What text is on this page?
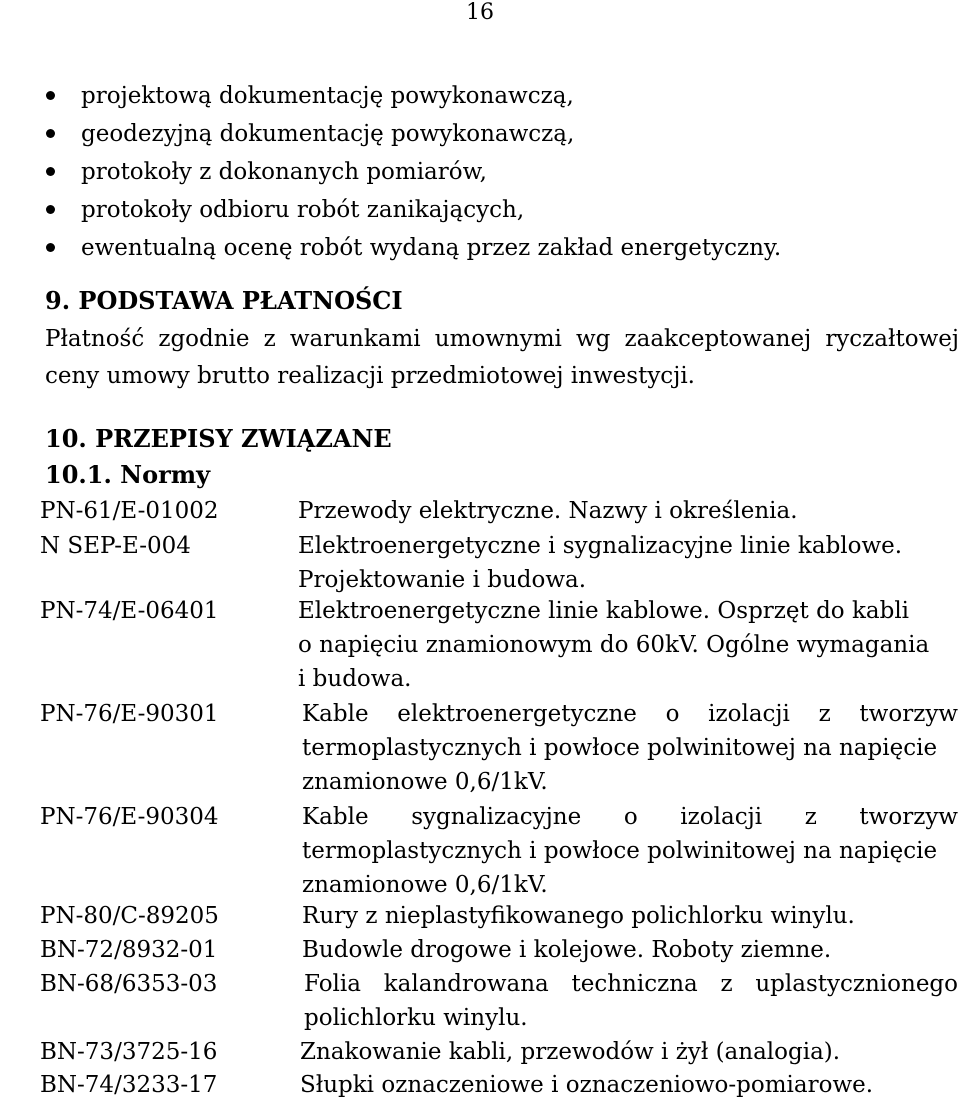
16
projektową dokumentację powykonawczą,
geodezyjną dokumentację powykonawczą,
protokoły z dokonanych pomiarów,
protokoły odbioru robót zanikających,
ewentualną ocenę robót wydaną przez zakład energetyczny.
9. PODSTAWA PŁATNOŚCI
Płatność zgodnie z warunkami umownymi wg zaakceptowanej ryczałtowej
ceny umowy brutto realizacji przedmiotowej inwestycji.
10. PRZEPISY ZWIĄZANE
10.1. Normy
PN-61/E-01002	Przewody elektryczne. Nazwy i określenia.
N SEP-E-004	Elektroenergetyczne i sygnalizacyjne linie kablowe.
Projektowanie i budowa.
PN-74/E-06401	Elektroenergetyczne linie kablowe. Osprzęt do kabli
o napięciu znamionowym do 60kV. Ogólne wymagania
i budowa.
PN-76/E-90301	Kable elektroenergetyczne o izolacji z tworzyw
termoplastycznych i powłoce polwinitowej na napięcie
znamionowe 0,6/1kV.
PN-76/E-90304	Kable sygnalizacyjne o izolacji z tworzyw
termoplastycznych i powłoce polwinitowej na napięcie
znamionowe 0,6/1kV.
PN-80/C-89205	Rury z nieplastyfikowanego polichlorku winylu.
BN-72/8932-01	Budowle drogowe i kolejowe. Roboty ziemne.
BN-68/6353-03	Folia kalandrowana techniczna z uplastycznionego
polichlorku winylu.
BN-73/3725-16	Znakowanie kabli, przewodów i żył (analogia).
BN-74/3233-17	Słupki oznaczeniowe i oznaczeniowo-pomiarowe.
